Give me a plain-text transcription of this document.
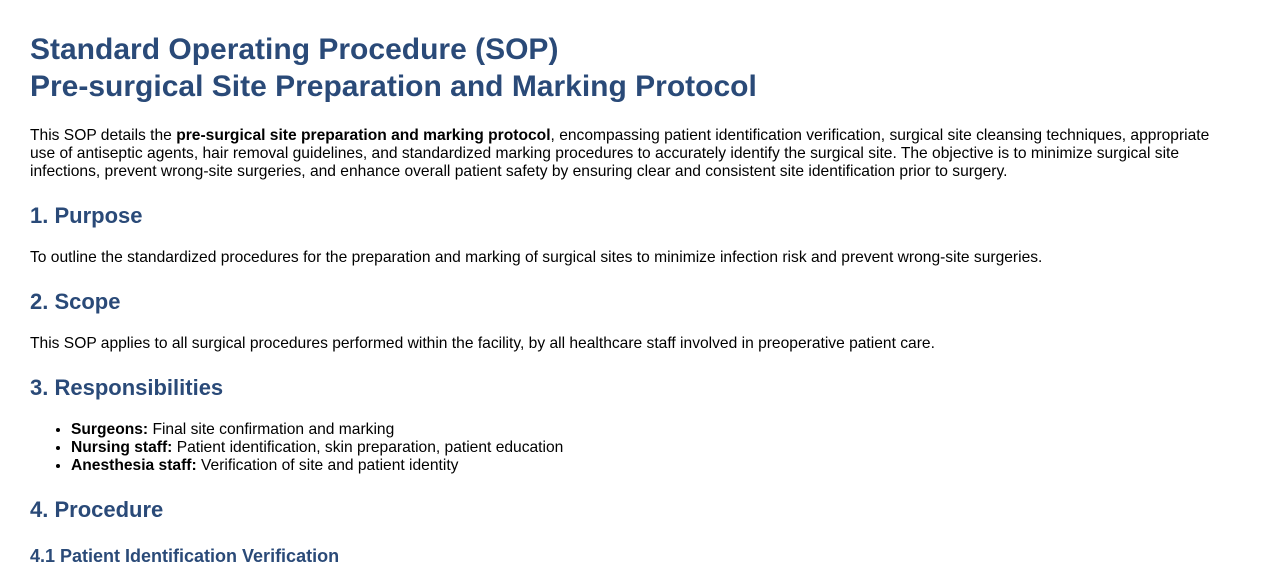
Standard Operating Procedure (SOP)
Pre-surgical Site Preparation and Marking Protocol

This SOP details the pre-surgical site preparation and marking protocol, encompassing patient identification verification, surgical site cleansing techniques, appropriate use of antiseptic agents, hair removal guidelines, and standardized marking procedures to accurately identify the surgical site. The objective is to minimize surgical site infections, prevent wrong-site surgeries, and enhance overall patient safety by ensuring clear and consistent site identification prior to surgery.

1. Purpose

To outline the standardized procedures for the preparation and marking of surgical sites to minimize infection risk and prevent wrong-site surgeries.

2. Scope

This SOP applies to all surgical procedures performed within the facility, by all healthcare staff involved in preoperative patient care.

3. Responsibilities
• Surgeons: Final site confirmation and marking
• Nursing staff: Patient identification, skin preparation, patient education
• Anesthesia staff: Verification of site and patient identity
4. Procedure
4.1 Patient Identification Verification
